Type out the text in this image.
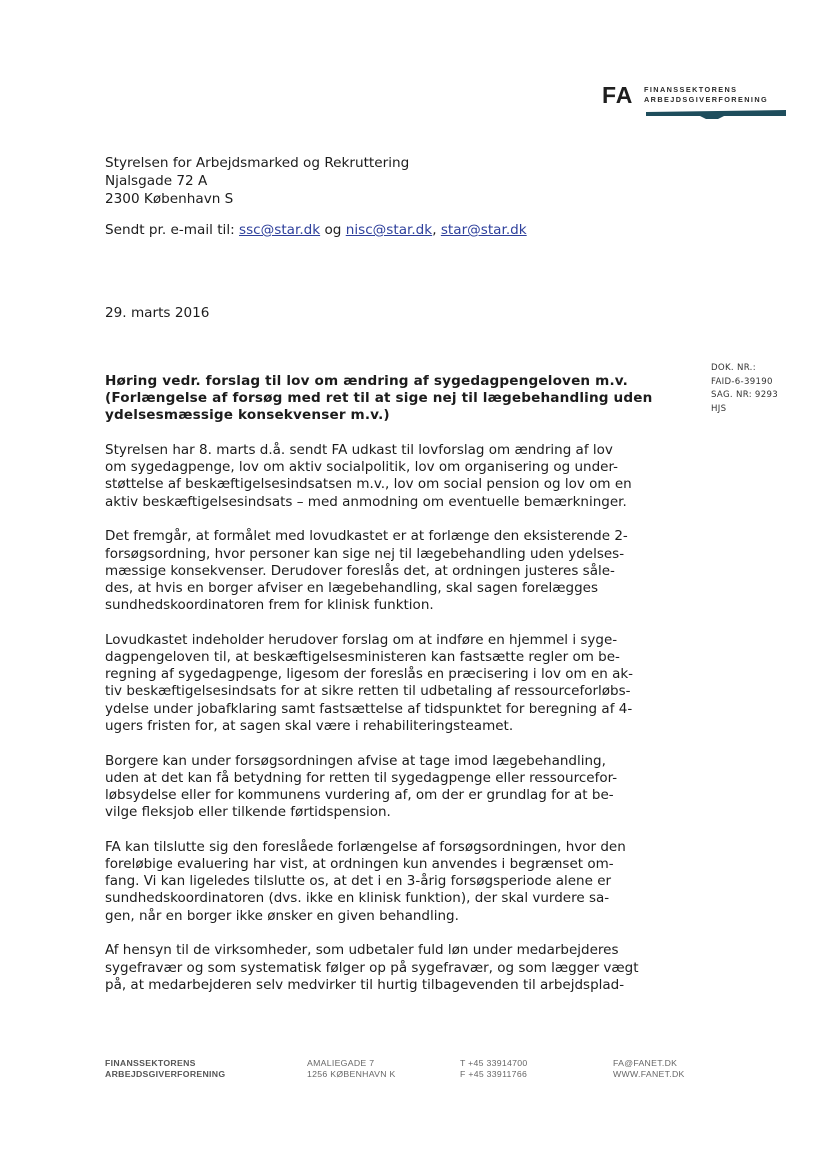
FA FINANSSEKTORENS
ARBEJDSGIVERFORENING
Styrelsen for Arbejdsmarked og Rekruttering
Njalsgade 72 A
2300 København S
Sendt pr. e-mail til: ssc@star.dk og nisc@star.dk, star@star.dk
29. marts 2016
DOK. NR.:
FAID-6-39190
SAG. NR: 9293
HJS
Høring vedr. forslag til lov om ændring af sygedagpengeloven m.v.
(Forlængelse af forsøg med ret til at sige nej til lægebehandling uden
ydelsesmæssige konsekvenser m.v.)
Styrelsen har 8. marts d.å. sendt FA udkast til lovforslag om ændring af lov
om sygedagpenge, lov om aktiv socialpolitik, lov om organisering og under-
støttelse af beskæftigelsesindsatsen m.v., lov om social pension og lov om en
aktiv beskæftigelsesindsats – med anmodning om eventuelle bemærkninger.
Det fremgår, at formålet med lovudkastet er at forlænge den eksisterende 2-
forsøgsordning, hvor personer kan sige nej til lægebehandling uden ydelses-
mæssige konsekvenser. Derudover foreslås det, at ordningen justeres såle-
des, at hvis en borger afviser en lægebehandling, skal sagen forelægges
sundhedskoordinatoren frem for klinisk funktion.
Lovudkastet indeholder herudover forslag om at indføre en hjemmel i syge-
dagpengeloven til, at beskæftigelsesministeren kan fastsætte regler om be-
regning af sygedagpenge, ligesom der foreslås en præcisering i lov om en ak-
tiv beskæftigelsesindsats for at sikre retten til udbetaling af ressourceforløbs-
ydelse under jobafklaring samt fastsættelse af tidspunktet for beregning af 4-
ugers fristen for, at sagen skal være i rehabiliteringsteamet.
Borgere kan under forsøgsordningen afvise at tage imod lægebehandling,
uden at det kan få betydning for retten til sygedagpenge eller ressourcefor-
løbsydelse eller for kommunens vurdering af, om der er grundlag for at be-
vilge fleksjob eller tilkende førtidspension.
FA kan tilslutte sig den foreslåede forlængelse af forsøgsordningen, hvor den
foreløbige evaluering har vist, at ordningen kun anvendes i begrænset om-
fang. Vi kan ligeledes tilslutte os, at det i en 3-årig forsøgsperiode alene er
sundhedskoordinatoren (dvs. ikke en klinisk funktion), der skal vurdere sa-
gen, når en borger ikke ønsker en given behandling.
Af hensyn til de virksomheder, som udbetaler fuld løn under medarbejderes
sygefravær og som systematisk følger op på sygefravær, og som lægger vægt
på, at medarbejderen selv medvirker til hurtig tilbagevenden til arbejdsplad-
FINANSSEKTORENS
ARBEJDSGIVERFORENING
AMALIEGADE 7
1256 KØBENHAVN K
T +45 33914700
F +45 33911766
FA@FANET.DK
WWW.FANET.DK
